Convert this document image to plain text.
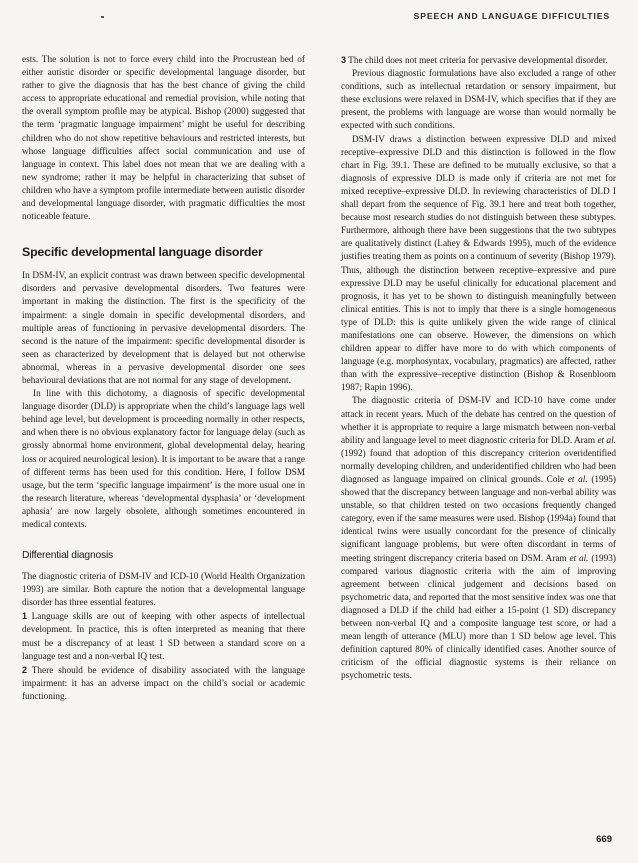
SPEECH AND LANGUAGE DIFFICULTIES

ests. The solution is not to force every child into the Procrustean bed of either autistic disorder or specific developmental language disorder, but rather to give the diagnosis that has the best chance of giving the child access to appropriate educational and remedial provision, while noting that the overall symptom profile may be atypical. Bishop (2000) suggested that the term ‘pragmatic language impairment’ might be useful for describing children who do not show repetitive behaviours and restricted interests, but whose language difficulties affect social communication and use of language in context. This label does not mean that we are dealing with a new syndrome; rather it may be helpful in characterizing that subset of children who have a symptom profile intermediate between autistic disorder and developmental language disorder, with pragmatic difficulties the most noticeable feature.

Specific developmental language disorder

In DSM-IV, an explicit contrast was drawn between specific developmental disorders and pervasive developmental disorders. Two features were important in making the distinction. The first is the specificity of the impairment: a single domain in specific developmental disorders, and multiple areas of functioning in pervasive developmental disorders. The second is the nature of the impairment: specific developmental disorder is seen as characterized by development that is delayed but not otherwise abnormal, whereas in a pervasive developmental disorder one sees behavioural deviations that are not normal for any stage of development.

In line with this dichotomy, a diagnosis of specific developmental language disorder (DLD) is appropriate when the child’s language lags well behind age level, but development is proceeding normally in other respects, and when there is no obvious explanatory factor for language delay (such as grossly abnormal home environment, global developmental delay, hearing loss or acquired neurological lesion). It is important to be aware that a range of different terms has been used for this condition. Here, I follow DSM usage, but the term ‘specific language impairment’ is the more usual one in the research literature, whereas ‘developmental dysphasia’ or ‘development aphasia’ are now largely obsolete, although sometimes encountered in medical contexts.

Differential diagnosis

The diagnostic criteria of DSM-IV and ICD-10 (World Health Organization 1993) are similar. Both capture the notion that a developmental language disorder has three essential features.

1 Language skills are out of keeping with other aspects of intellectual development. In practice, this is often interpreted as meaning that there must be a discrepancy of at least 1 SD between a standard score on a language test and a non-verbal IQ test.

2 There should be evidence of disability associated with the language impairment: it has an adverse impact on the child’s social or academic functioning.

3 The child does not meet criteria for pervasive developmental disorder.

Previous diagnostic formulations have also excluded a range of other conditions, such as intellectual retardation or sensory impairment, but these exclusions were relaxed in DSM-IV, which specifies that if they are present, the problems with language are worse than would normally be expected with such conditions.

DSM-IV draws a distinction between expressive DLD and mixed receptive–expressive DLD and this distinction is followed in the flow chart in Fig. 39.1. These are defined to be mutually exclusive, so that a diagnosis of expressive DLD is made only if criteria are not met for mixed receptive–expressive DLD. In reviewing characteristics of DLD I shall depart from the sequence of Fig. 39.1 here and treat both together, because most research studies do not distinguish between these subtypes. Furthermore, although there have been suggestions that the two subtypes are qualitatively distinct (Lahey & Edwards 1995), much of the evidence justifies treating them as points on a continuum of severity (Bishop 1979). Thus, although the distinction between receptive–expressive and pure expressive DLD may be useful clinically for educational placement and prognosis, it has yet to be shown to distinguish meaningfully between clinical entities. This is not to imply that there is a single homogeneous type of DLD: this is quite unlikely given the wide range of clinical manifestations one can observe. However, the dimensions on which children appear to differ have more to do with which components of language (e.g. morphosyntax, vocabulary, pragmatics) are affected, rather than with the expressive–receptive distinction (Bishop & Rosenbloom 1987; Rapin 1996).

The diagnostic criteria of DSM-IV and ICD-10 have come under attack in recent years. Much of the debate has centred on the question of whether it is appropriate to require a large mismatch between non-verbal ability and language level to meet diagnostic criteria for DLD. Aram et al. (1992) found that adoption of this discrepancy criterion overidentified normally developing children, and underidentified children who had been diagnosed as language impaired on clinical grounds. Cole et al. (1995) showed that the discrepancy between language and non-verbal ability was unstable, so that children tested on two occasions frequently changed category, even if the same measures were used. Bishop (1994a) found that identical twins were usually concordant for the presence of clinically significant language problems, but were often discordant in terms of meeting stringent discrepancy criteria based on DSM. Aram et al. (1993) compared various diagnostic criteria with the aim of improving agreement between clinical judgement and decisions based on psychometric data, and reported that the most sensitive index was one that diagnosed a DLD if the child had either a 15-point (1 SD) discrepancy between non-verbal IQ and a composite language test score, or had a mean length of utterance (MLU) more than 1 SD below age level. This definition captured 80% of clinically identified cases. Another source of criticism of the official diagnostic systems is their reliance on psychometric tests.

669
